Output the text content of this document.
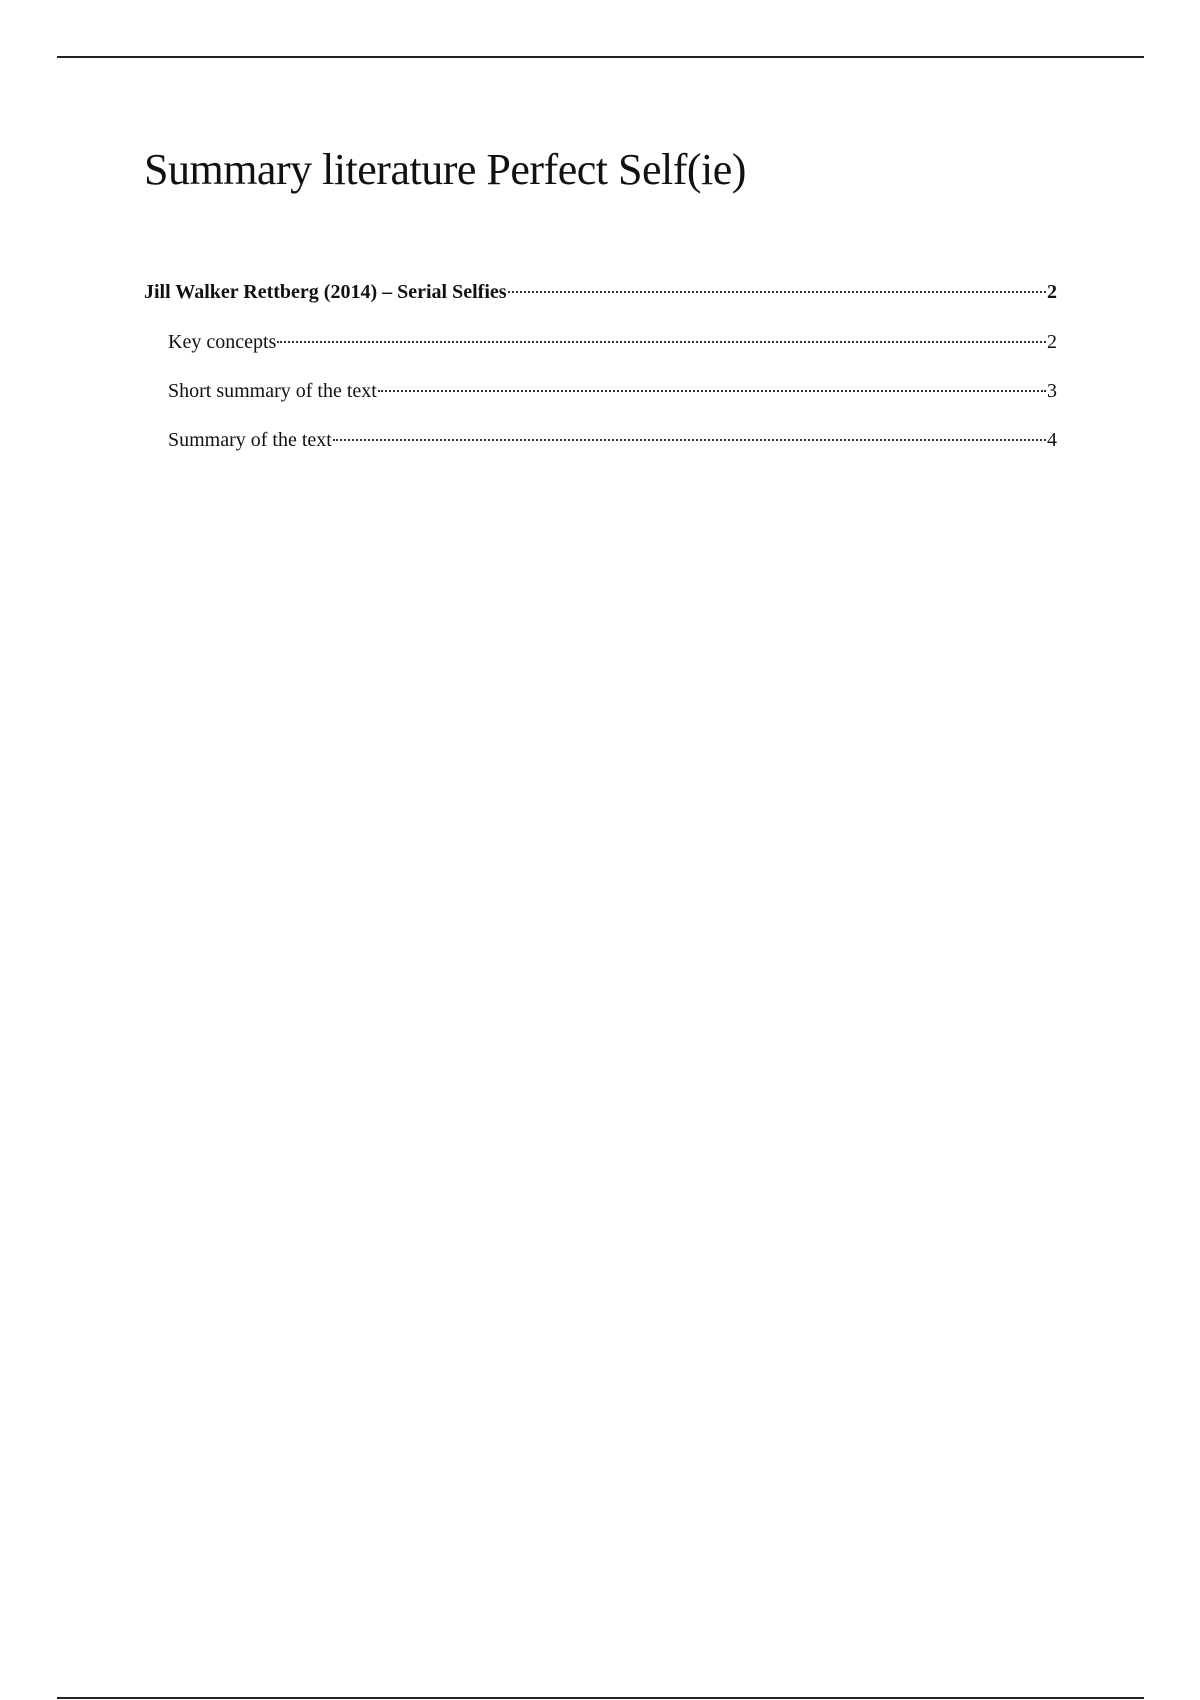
Summary literature Perfect Self(ie)
Jill Walker Rettberg (2014) – Serial Selfies	2
Key concepts	2
Short summary of the text	3
Summary of the text	4
